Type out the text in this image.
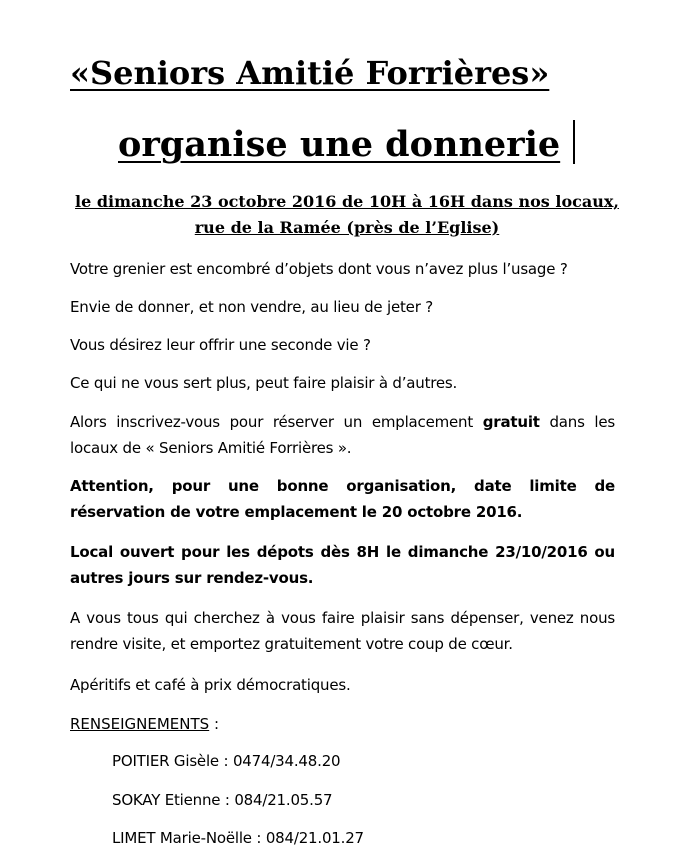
«Seniors Amitié Forrières»
organise une donnerie
le dimanche 23 octobre 2016 de 10H à 16H dans nos locaux,
rue de la Ramée (près de l’Eglise)
Votre grenier est encombré d’objets dont vous n’avez plus l’usage ?
Envie de donner, et non vendre, au lieu de jeter ?
Vous désirez leur offrir une seconde vie ?
Ce qui ne vous sert plus, peut faire plaisir à d’autres.
Alors inscrivez-vous pour réserver un emplacement gratuit dans les locaux de « Seniors Amitié Forrières ».
Attention, pour une bonne organisation, date limite de réservation de votre emplacement le 20 octobre 2016.
Local ouvert pour les dépots dès 8H le dimanche 23/10/2016 ou autres jours sur rendez-vous.
A vous tous qui cherchez à vous faire plaisir sans dépenser, venez nous rendre visite, et emportez gratuitement votre coup de cœur.
Apéritifs et café à prix démocratiques.
RENSEIGNEMENTS :
POITIER Gisèle : 0474/34.48.20
SOKAY Etienne : 084/21.05.57
LIMET Marie-Noëlle : 084/21.01.27
